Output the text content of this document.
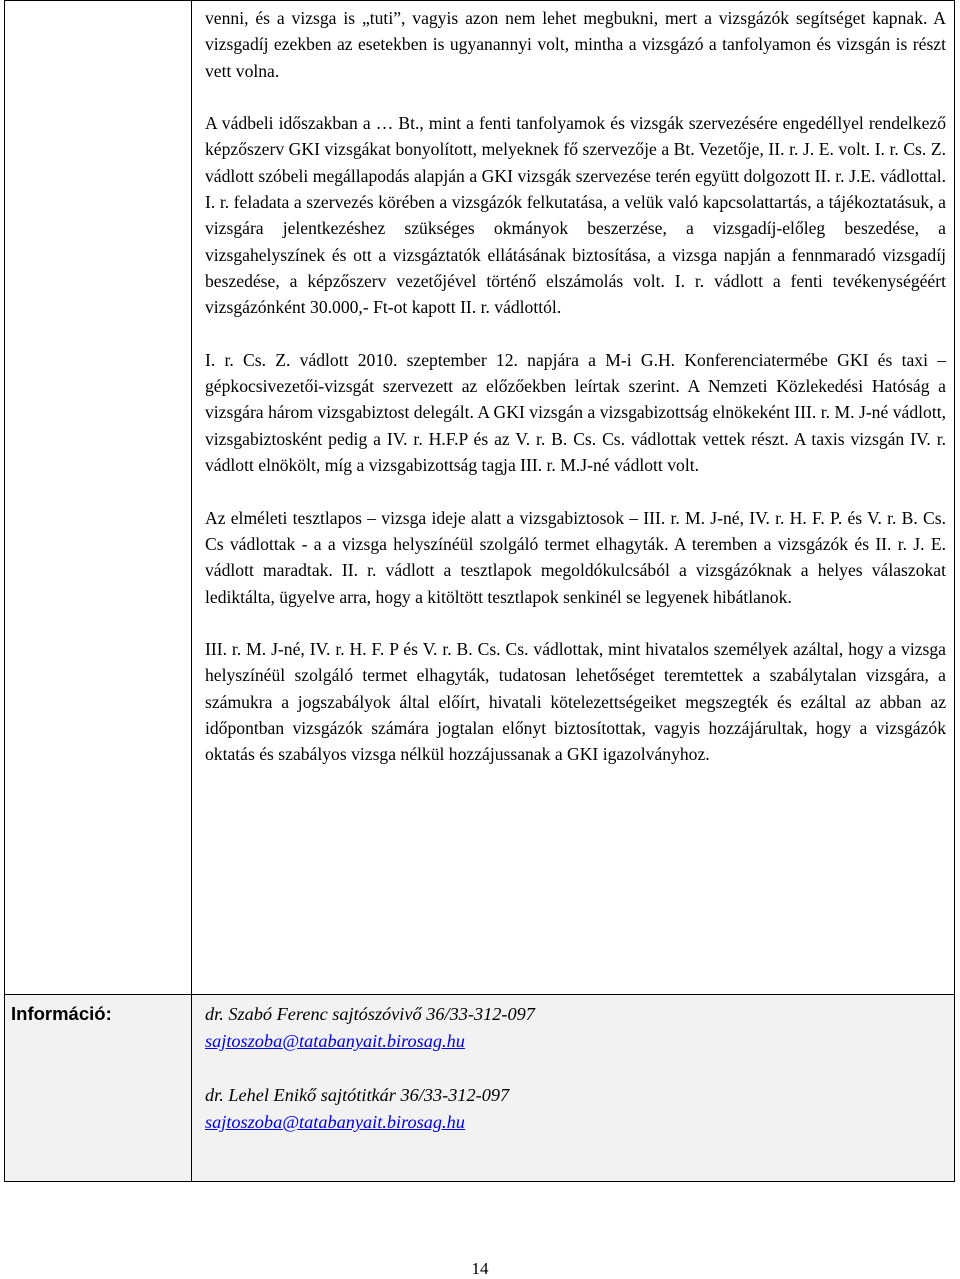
	venni, és a vizsga is „tuti”, vagyis azon nem lehet megbukni, mert a vizsgázók segítséget kapnak. A vizsgadíj ezekben az esetekben is ugyanannyi volt, mintha a vizsgázó a tanfolyamon és vizsgán is részt vett volna.

A vádbeli időszakban a … Bt., mint a fenti tanfolyamok és vizsgák szervezésére engedéllyel rendelkező képzőszerv GKI vizsgákat bonyolított, melyeknek fő szervezője a Bt. Vezetője, II. r. J. E. volt. I. r. Cs. Z. vádlott szóbeli megállapodás alapján a GKI vizsgák szervezése terén együtt dolgozott II. r. J.E. vádlottal. I. r. feladata a szervezés körében a vizsgázók felkutatása, a velük való kapcsolattartás, a tájékoztatásuk, a vizsgára jelentkezéshez szükséges okmányok beszerzése, a vizsgadíj-előleg beszedése, a vizsgahelyszínek és ott a vizsgáztatók ellátásának biztosítása, a vizsga napján a fennmaradó vizsgadíj beszedése, a képzőszerv vezetőjével történő elszámolás volt. I. r. vádlott a fenti tevékenységéért vizsgázónként 30.000,- Ft-ot kapott II. r. vádlottól.

I. r. Cs. Z. vádlott 2010. szeptember 12. napjára a M-i G.H. Konferenciatermébe GKI és taxi – gépkocsivezetői-vizsgát szervezett az előzőekben leírtak szerint. A Nemzeti Közlekedési Hatóság a vizsgára három vizsgabiztost delegált. A GKI vizsgán a vizsgabizottság elnökeként III. r. M. J-né vádlott, vizsgabiztosként pedig a IV. r. H.F.P és az V. r. B. Cs. Cs. vádlottak vettek részt. A taxis vizsgán IV. r. vádlott elnökölt, míg a vizsgabizottság tagja III. r. M.J-né vádlott volt.

Az elméleti tesztlapos – vizsga ideje alatt a vizsgabiztosok – III. r. M. J-né, IV. r. H. F. P. és V. r. B. Cs. Cs vádlottak - a a vizsga helyszínéül szolgáló termet elhagyták. A teremben a vizsgázók és II. r. J. E. vádlott maradtak. II. r. vádlott a tesztlapok megoldókulcsából a vizsgázóknak a helyes válaszokat lediktálta, ügyelve arra, hogy a kitöltött tesztlapok senkinél se legyenek hibátlanok.

III. r. M. J-né, IV. r. H. F. P és V. r. B. Cs. Cs. vádlottak, mint hivatalos személyek azáltal, hogy a vizsga helyszínéül szolgáló termet elhagyták, tudatosan lehetőséget teremtettek a szabálytalan vizsgára, a számukra a jogszabályok által előírt, hivatali kötelezettségeiket megszegték és ezáltal az abban az időpontban vizsgázók számára jogtalan előnyt biztosítottak, vagyis hozzájárultak, hogy a vizsgázók oktatás és szabályos vizsga nélkül hozzájussanak a GKI igazolványhoz.

Információ:	dr. Szabó Ferenc sajtószóvivő 36/33-312-097
sajtoszoba@tatabanyait.birosag.hu
dr. Lehel Enikő sajtótitkár 36/33-312-097
sajtoszoba@tatabanyait.birosag.hu
14
